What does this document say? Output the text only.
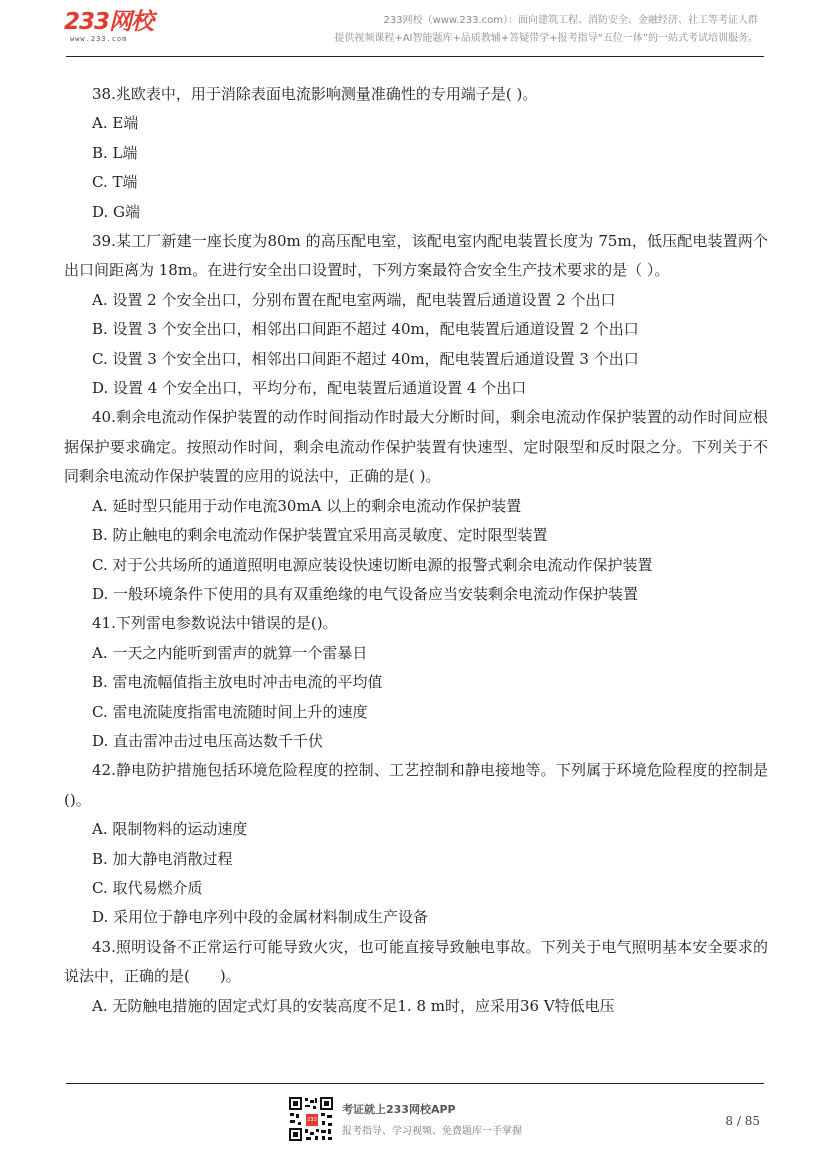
233网校
www.233.com
233网校（www.233.com）：面向建筑工程、消防安全、金融经济、社工等考证人群
提供视频课程+AI智能题库+品质教辅+答疑带学+报考指导“五位一体”的一站式考试培训服务。
38.兆欧表中，用于消除表面电流影响测量准确性的专用端子是( )。
A. E端
B. L端
C. T端
D. G端
39.某工厂新建一座长度为80m 的高压配电室，该配电室内配电装置长度为 75m，低压配电装置两个出口间距离为 18m。在进行安全出口设置时，下列方案最符合安全生产技术要求的是（ ）。
A. 设置 2 个安全出口，分别布置在配电室两端，配电装置后通道设置 2 个出口
B. 设置 3 个安全出口，相邻出口间距不超过 40m，配电装置后通道设置 2 个出口
C. 设置 3 个安全出口，相邻出口间距不超过 40m，配电装置后通道设置 3 个出口
D. 设置 4 个安全出口，平均分布，配电装置后通道设置 4 个出口
40.剩余电流动作保护装置的动作时间指动作时最大分断时间，剩余电流动作保护装置的动作时间应根据保护要求确定。按照动作时间，剩余电流动作保护装置有快速型、定时限型和反时限之分。下列关于不同剩余电流动作保护装置的应用的说法中，正确的是( )。
A. 延时型只能用于动作电流30mA 以上的剩余电流动作保护装置
B. 防止触电的剩余电流动作保护装置宜采用高灵敏度、定时限型装置
C. 对于公共场所的通道照明电源应装设快速切断电源的报警式剩余电流动作保护装置
D. 一般环境条件下使用的具有双重绝缘的电气设备应当安装剩余电流动作保护装置
41.下列雷电参数说法中错误的是()。
A. 一天之内能听到雷声的就算一个雷暴日
B. 雷电流幅值指主放电时冲击电流的平均值
C. 雷电流陡度指雷电流随时间上升的速度
D. 直击雷冲击过电压高达数千千伏
42.静电防护措施包括环境危险程度的控制、工艺控制和静电接地等。下列属于环境危险程度的控制是()。
A. 限制物料的运动速度
B. 加大静电消散过程
C. 取代易燃介质
D. 采用位于静电序列中段的金属材料制成生产设备
43.照明设备不正常运行可能导致火灾，也可能直接导致触电事故。下列关于电气照明基本安全要求的说法中，正确的是(　　)。
A. 无防触电措施的固定式灯具的安装高度不足1. 8 m时，应采用36 V特低电压
233
考证就上233网校APP
报考指导、学习视频、免费题库一手掌握
8 / 85
